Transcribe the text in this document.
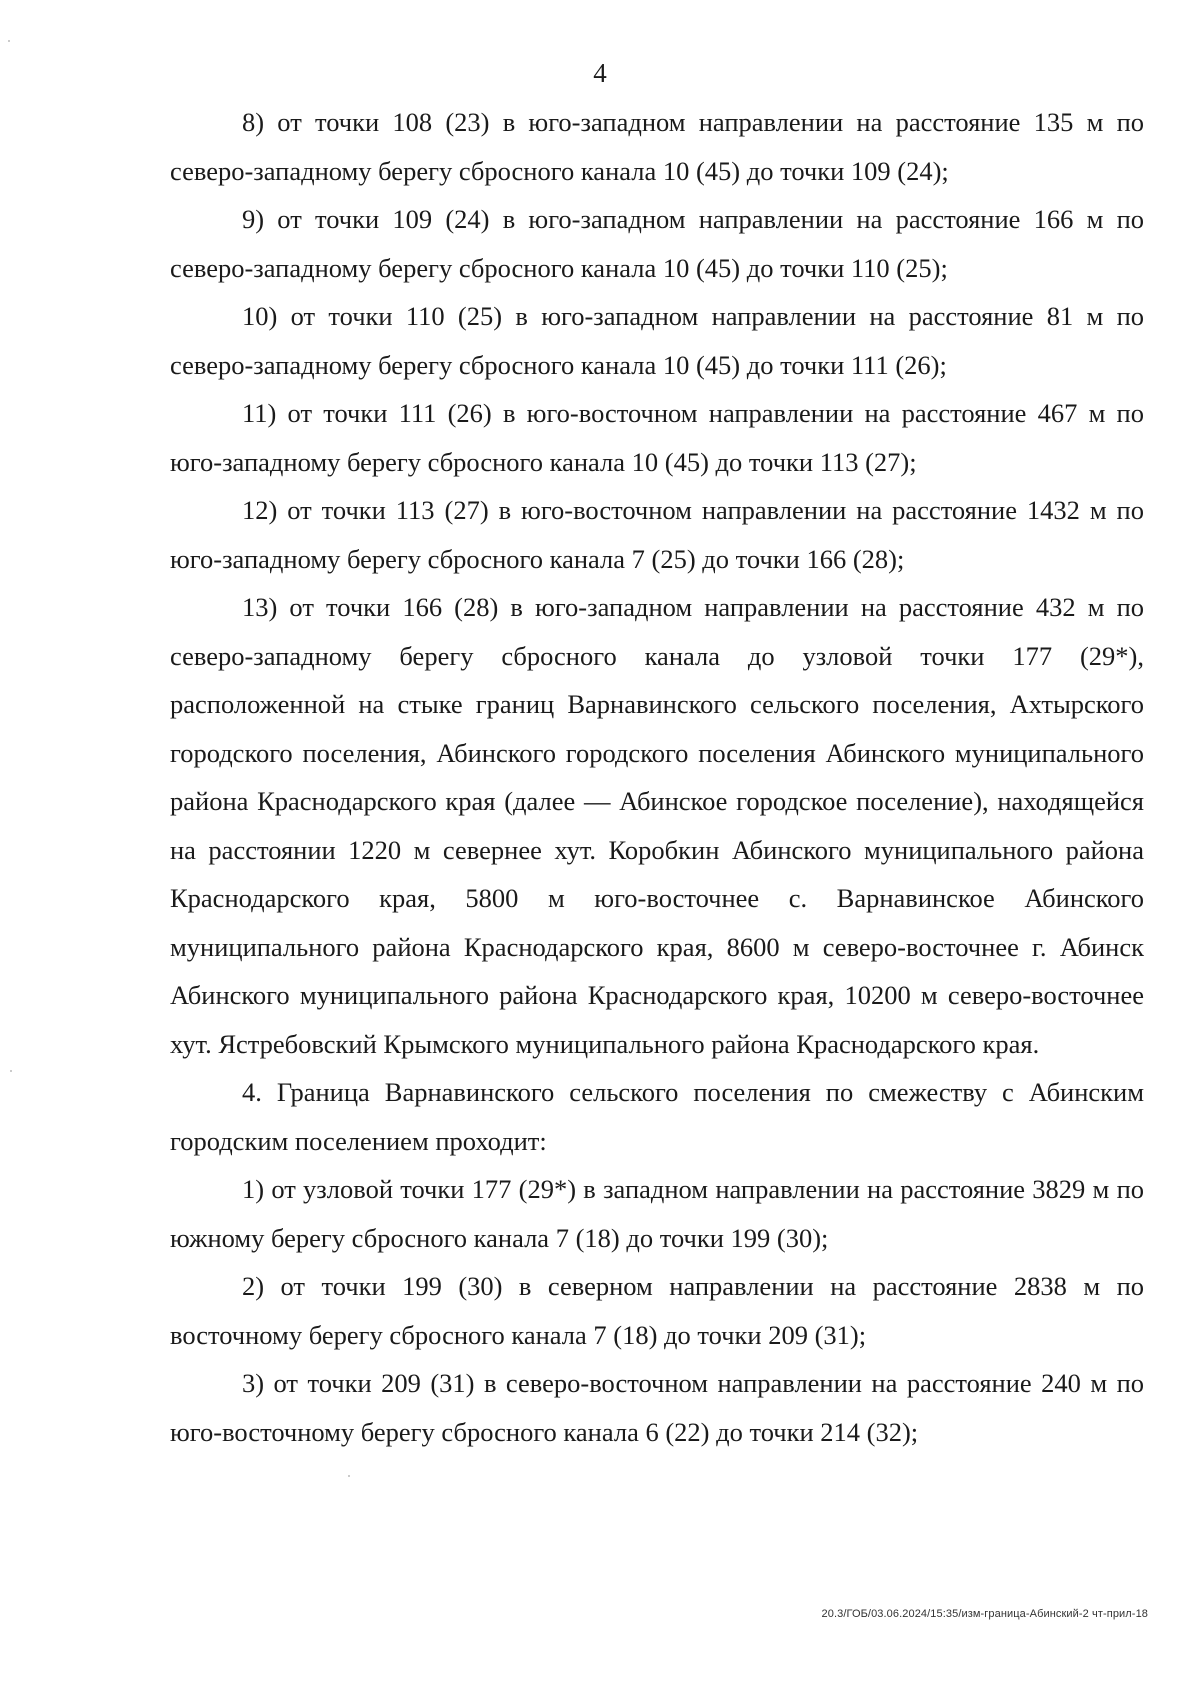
4

8) от точки 108 (23) в юго-западном направлении на расстояние 135 м по северо-западному берегу сбросного канала 10 (45) до точки 109 (24);

9) от точки 109 (24) в юго-западном направлении на расстояние 166 м по северо-западному берегу сбросного канала 10 (45) до точки 110 (25);

10) от точки 110 (25) в юго-западном направлении на расстояние 81 м по северо-западному берегу сбросного канала 10 (45) до точки 111 (26);

11) от точки 111 (26) в юго-восточном направлении на расстояние 467 м по юго-западному берегу сбросного канала 10 (45) до точки 113 (27);

12) от точки 113 (27) в юго-восточном направлении на расстояние 1432 м по юго-западному берегу сбросного канала 7 (25) до точки 166 (28);

13) от точки 166 (28) в юго-западном направлении на расстояние 432 м по северо-западному берегу сбросного канала до узловой точки 177 (29*), расположенной на стыке границ Варнавинского сельского поселения, Ахтырского городского поселения, Абинского городского поселения Абинского муниципального района Краснодарского края (далее — Абинское городское поселение), находящейся на расстоянии 1220 м севернее хут. Коробкин Абинского муниципального района Краснодарского края, 5800 м юго-восточнее с. Варнавинское Абинского муниципального района Краснодарского края, 8600 м северо-восточнее г. Абинск Абинского муниципального района Краснодарского края, 10200 м северо-восточнее хут. Ястребовский Крымского муниципального района Краснодарского края.

4. Граница Варнавинского сельского поселения по смежеству с Абинским городским поселением проходит:

1) от узловой точки 177 (29*) в западном направлении на расстояние 3829 м по южному берегу сбросного канала 7 (18) до точки 199 (30);

2) от точки 199 (30) в северном направлении на расстояние 2838 м по восточному берегу сбросного канала 7 (18) до точки 209 (31);

3) от точки 209 (31) в северо-восточном направлении на расстояние 240 м по юго-восточному берегу сбросного канала 6 (22) до точки 214 (32);

20.3/ГОБ/03.06.2024/15:35/изм-граница-Абинский-2 чт-прил-18
